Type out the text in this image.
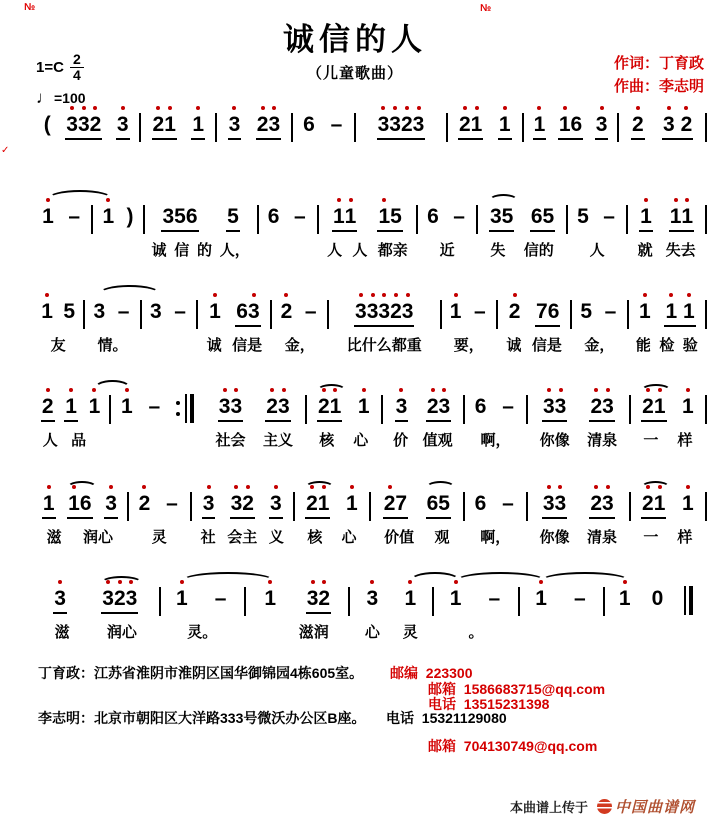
诚信的人
（儿童歌曲）
作词：丁育政
作曲：李志明
$1=C \frac{2}{4}$
♩ =100
( 3 3 2 3 2 1 1 3 2 3 6 – 3 3 2 3 2 1 1 1 1 6 3 2 3
2
1 – 1 ) 3 5 6 5
诚 信 的 人，
6 – 1 1 1 5
人 人 都亲
6 –
近
3 5 6 5
失 信的
5 –
人
1 1 1
就 失去
1 5
友
3 –
情。
3 – 1 6 3
诚 信是
2 –
金，
3 3 3 2 3
比什么都重
1 –
要，
2 7 6
诚 信是
5 –
金，
1 1
1
能 检 验
2 1 1
人 品
1 –	3 3 2 3
社会 主义
2 1 1
核 心
3 2 3
价 值观
6 –
啊，
3 3 2 3
你像 清泉
2 1 1
一 样
1 1 6 3
滋 润心
2 –
灵
3 3 2 3
社 会主 义
2 1 1
核 心
2 7 6 5
价值 观
6 –
啊，
3 3 2 3
你像 清泉
2 1 1
一 样
3 3 2 3
滋 润心
1 –
灵。
1 3 2
滋润
3 1
心 灵
1 –
。
1 – 1 0
丁育政：江苏省淮阴市淮阴区国华御锦园4栋605室。 邮编  223300
邮箱  1586683715@qq.com
电话  13515231398
李志明：北京市朝阳区大洋路333号微沃办公区B座。 电话  15321129080
邮箱  704130749@qq.com
本曲谱上传于 中国曲谱网
№	№
✓
